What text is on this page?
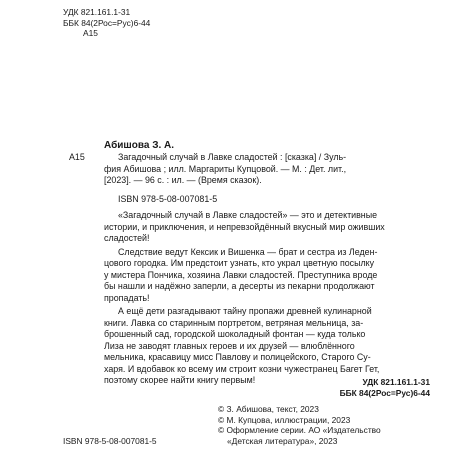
УДК 821.161.1-31
ББК 84(2Рос=Рус)6-44
А15
Абишова З. А.
А15	Загадочный случай в Лавке сладостей : [сказка] / Зуль-
фия Абишова ; илл. Маргариты Купцовой. — М. : Дет. лит.,
[2023]. — 96 с. : ил. — (Время сказок).
ISBN 978-5-08-007081-5
«Загадочный случай в Лавке сладостей» — это и детективные
истории, и приключения, и непревзойдённый вкусный мир оживших
сладостей!
Следствие ведут Кексик и Вишенка — брат и сестра из Леден-
цового городка. Им предстоит узнать, кто украл цветную посылку
у мистера Пончика, хозяина Лавки сладостей. Преступника вроде
бы нашли и надёжно заперли, а десерты из пекарни продолжают
пропадать!
А ещё дети разгадывают тайну пропажи древней кулинарной
книги. Лавка со старинным портретом, ветряная мельница, за-
брошенный сад, городской шоколадный фонтан — куда только
Лиза не заводят главных героев и их друзей — влюблённого
мельника, красавицу мисс Павлову и полицейского, Старого Су-
харя. И вдобавок ко всему им строит козни чужестранец Багет Гет,
поэтому скорее найти книгу первым!	УДК 821.161.1-31
ББК 84(2Рос=Рус)6-44
© З. Абишова, текст, 2023
© М. Купцова, иллюстрации, 2023
© Оформление серии. АО «Издательство
«Детская литература», 2023
ISBN 978-5-08-007081-5
